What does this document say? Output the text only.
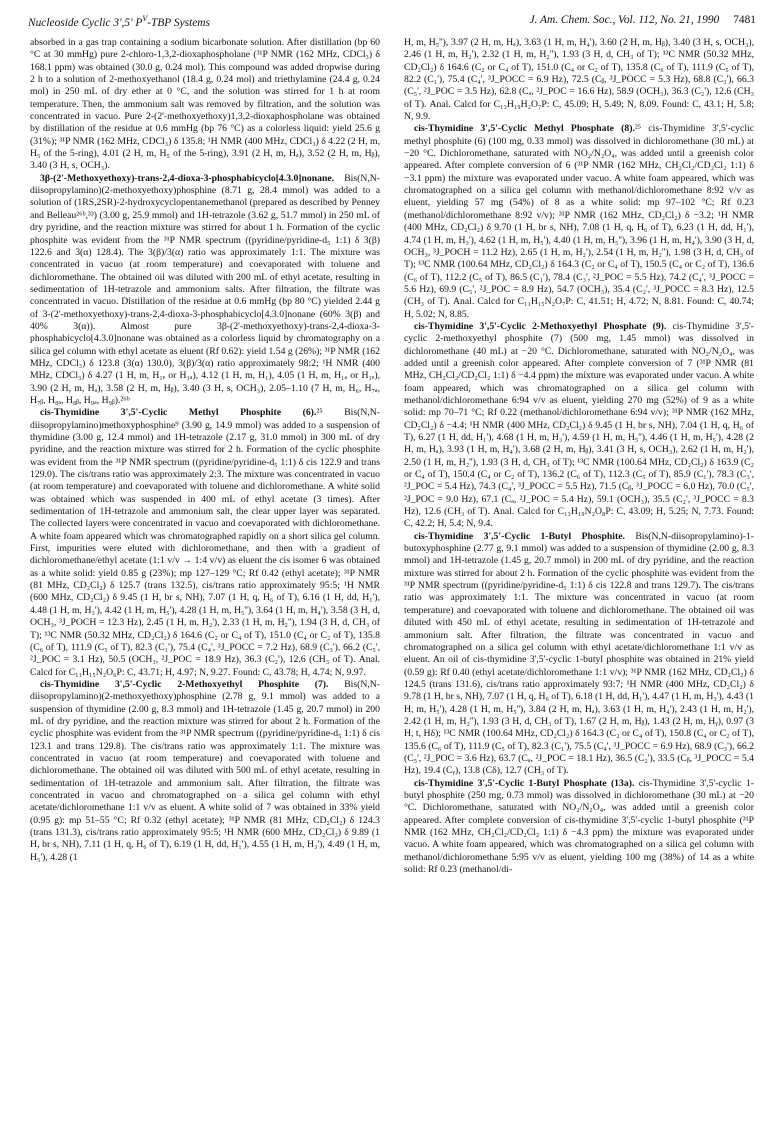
Nucleoside Cyclic 3',5' $P^V$-TBP Systems	J. Am. Chem. Soc., Vol. 112, No. 21, 1990 7481

absorbed in a gas trap containing a sodium bicarbonate solution. After distillation (bp 60 °C at 30 mmHg) pure 2-chloro-1,3,2-dioxaphospholane (³¹P NMR (162 MHz, CDCl₃) δ 168.1 ppm) was obtained (30.0 g, 0.24 mol). This compound was added dropwise during 2 h to a solution of 2-methoxyethanol (18.4 g, 0.24 mol) and triethylamine (24.4 g, 0.24 mol) in 250 mL of dry ether at 0 °C, and the solution was stirred for 1 h at room temperature. Then, the ammonium salt was removed by filtration, and the solution was concentrated in vacuo. Pure 2-(2'-methoxyethoxy)1,3,2-dioxaphospholane was obtained by distillation of the residue at 0.6 mmHg (bp 76 °C) as a colorless liquid: yield 25.6 g (31%); ³¹P NMR (162 MHz, CDCl₃) δ 135.8; ¹H NMR (400 MHz, CDCl₃) δ 4.22 (2 H, m, H₅ of the 5-ring), 4.01 (2 H, m, H₅ of the 5-ring), 3.91 (2 H, m, Hₐ), 3.52 (2 H, m, Hᵦ), 3.40 (3 H, s, OCH₃).

3β-(2'-Methoxyethoxy)-trans-2,4-dioxa-3-phosphabicyclo[4.3.0]nonane. Bis(N,N-diisopropylamino)(2-methoxyethoxy)phosphine (8.71 g, 28.4 mmol) was added to a solution of (1RS,2SR)-2-hydroxycyclopentanemethanol (prepared as described by Penney and Belleau²⁶ᵇ,³³) (3.00 g, 25.9 mmol) and 1H-tetrazole (3.62 g, 51.7 mmol) in 250 mL of dry pyridine, and the reaction mixture was stirred for about 1 h. Formation of the cyclic phosphite was evident from the ³¹P NMR spectrum ((pyridine/pyridine-d₅ 1:1) δ 3(β) 122.6 and 3(α) 128.4). The 3(β)/3(α) ratio was approximately 1:1. The mixture was concentrated in vacuo (at room temperature) and coevaporated with toluene and dichloromethane. The obtained oil was diluted with 200 mL of ethyl acetate, resulting in sedimentation of 1H-tetrazole and ammonium salts. After filtration, the filtrate was concentrated in vacuo. Distillation of the residue at 0.6 mmHg (bp 80 °C) yielded 2.44 g of 3-(2'-methoxyethoxy)-trans-2,4-dioxa-3-phosphabicyclo[4.3.0]nonane (60% 3(β) and 40% 3(α)). Almost pure 3β-(2'-methoxyethoxy)-trans-2,4-dioxa-3-phosphabicyclo[4.3.0]nonane was obtained as a colorless liquid by chromatography on a silica gel column with ethyl acetate as eluent (Rf 0.62): yield 1.54 g (26%); ³¹P NMR (162 MHz, CDCl₃) δ 123.8 (3(α) 130.0), 3(β)/3(α) ratio approximately 98:2; ¹H NMR (400 MHz, CDCl₃) δ 4.27 (1 H, m, H₁ₑ or H₁ₐ), 4.12 (1 H, m, H₁), 4.05 (1 H, m, H₁ₐ or H₁ₑ), 3.90 (2 H, m, Hₐ), 3.58 (2 H, m, Hᵦ), 3.40 (3 H, s, OCH₃), 2.05–1.10 (7 H, m, H₆, H₇ₐ, H₇ᵦ, H₈ₐ, H₈ᵦ, H₉ₐ, H₉ᵦ).²⁶ᵇ

cis-Thymidine 3',5'-Cyclic Methyl Phosphite (6).²⁵ Bis(N,N-diisopropylamino)methoxyphosphine⁹ (3.90 g, 14.9 mmol) was added to a suspension of thymidine (3.00 g, 12.4 mmol) and 1H-tetrazole (2.17 g, 31.0 mmol) in 300 mL of dry pyridine, and the reaction mixture was stirred for 2 h. Formation of the cyclic phosphite was evident from the ³¹P NMR spectrum ((pyridine/pyridine-d₅ 1:1) δ cis 122.9 and trans 129.0). The cis/trans ratio was approximately 2:3. The mixture was concentrated in vacuo (at room temperature) and coevaporated with toluene and dichloromethane. A white solid was obtained which was suspended in 400 mL of ethyl acetate (3 times). After sedimentation of 1H-tetrazole and ammonium salt, the clear upper layer was separated. The collected layers were concentrated in vacuo and coevaporated with dichloromethane. A white foam appeared which was chromatographed rapidly on a short silica gel column. First, impurities were eluted with dichloromethane, and then with a gradient of dichloromethane/ethyl acetate (1:1 v/v → 1:4 v/v) as eluent the cis isomer 6 was obtained as a white solid: yield 0.85 g (23%); mp 127–129 °C; Rf 0.42 (ethyl acetate); ³¹P NMR (81 MHz, CD₂Cl₂) δ 125.7 (trans 132.5), cis/trans ratio approximately 95:5; ¹H NMR (600 MHz, CD₂Cl₂) δ 9.45 (1 H, br s, NH), 7.07 (1 H, q, H₆ of T), 6.16 (1 H, dd, H₁'), 4.48 (1 H, m, H₃'), 4.42 (1 H, m, H₅'), 4.28 (1 H, m, H₅''), 3.64 (1 H, m, H₄'), 3.58 (3 H, d, OCH₃, ³J_POCH = 12.3 Hz), 2.45 (1 H, m, H₂'), 2.33 (1 H, m, H₂''), 1.94 (3 H, d, CH₃ of T); ¹³C NMR (50.32 MHz, CD₂Cl₂) δ 164.6 (C₂ or C₄ of T), 151.0 (C₄ or C₂ of T), 135.8 (C₆ of T), 111.9 (C₅ of T), 82.3 (C₁'), 75.4 (C₄', ³J_POCC = 7.2 Hz), 68.9 (C₃'), 66.2 (C₅', ²J_POC = 3.1 Hz), 50.5 (OCH₃, ²J_POC = 18.9 Hz), 36.3 (C₂'), 12.6 (CH₃ of T). Anal. Calcd for C₁₁H₁₅N₂O₆P: C, 43.71; H, 4.97; N, 9.27. Found: C, 43.78; H, 4.74; N, 9.97.

cis-Thymidine 3',5'-Cyclic 2-Methoxyethyl Phosphite (7). Bis(N,N-diisopropylamino)(2-methoxyethoxy)phosphine (2.78 g, 9.1 mmol) was added to a suspension of thymidine (2.00 g, 8.3 mmol) and 1H-tetrazole (1.45 g, 20.7 mmol) in 200 mL of dry pyridine, and the reaction mixture was stirred for about 2 h. Formation of the cyclic phosphite was evident from the ³¹P NMR spectrum ((pyridine/pyridine-d₅ 1:1) δ cis 123.1 and trans 129.8). The cis/trans ratio was approximately 1:1. The mixture was concentrated in vacuo (at room temperature) and coevaporated with toluene and dichloromethane. The obtained oil was diluted with 500 mL of ethyl acetate, resulting in sedimentation of 1H-tetrazole and ammonium salt. After filtration, the filtrate was concentrated in vacuo and chromatographed on a silica gel column with ethyl acetate/dichloromethane 1:1 v/v as eluent. A white solid of 7 was obtained in 33% yield (0.95 g): mp 51–55 °C; Rf 0.32 (ethyl acetate); ³¹P NMR (81 MHz, CD₂Cl₂) δ 124.3 (trans 131.3), cis/trans ratio approximately 95:5; ¹H NMR (600 MHz, CD₂Cl₂) δ 9.89 (1 H, br s, NH), 7.11 (1 H, q, H₆ of T), 6.19 (1 H, dd, H₁'), 4.55 (1 H, m, H₃'), 4.49 (1 H, m, H₅'), 4.28 (1

H, m, H₅''), 3.97 (2 H, m, Hₐ), 3.63 (1 H, m, H₄'), 3.60 (2 H, m, Hᵦ), 3.40 (3 H, s, OCH₃), 2.46 (1 H, m, H₂'), 2.32 (1 H, m, H₂''), 1.93 (3 H, d, CH₃ of T); ¹³C NMR (50.32 MHz, CD₂Cl₂) δ 164.6 (C₂ or C₄ of T), 151.0 (C₄ or C₂ of T), 135.8 (C₆ of T), 111.9 (C₅ of T), 82.2 (C₁'), 75.4 (C₄', ³J_POCC = 6.9 Hz), 72.5 (Cᵦ, ³J_POCC = 5.3 Hz), 68.8 (C₃'), 66.3 (C₅', ²J_POC = 3.5 Hz), 62.8 (Cₐ, ²J_POC = 16.6 Hz), 58.9 (OCH₃), 36.3 (C₂'), 12.6 (CH₃ of T). Anal. Calcd for C₁₃H₁₉H₂O₇P: C, 45.09; H, 5.49; N, 8.09. Found: C, 43.1; H, 5.8; N, 9.9.

cis-Thymidine 3',5'-Cyclic Methyl Phosphate (8).²⁵ cis-Thymidine 3',5'-cyclic methyl phosphite (6) (100 mg, 0.33 mmol) was dissolved in dichloromethane (30 mL) at −20 °C. Dichloromethane, saturated with NO₂/N₂O₄, was added until a greenish color appeared. After complete conversion of 6 (³¹P NMR (162 MHz, CH₂Cl₂/CD₂Cl₂ 1:1) δ −3.1 ppm) the mixture was evaporated under vacuo. A white foam appeared, which was chromatographed on a silica gel column with methanol/dichloromethane 8:92 v/v as eluent, yielding 57 mg (54%) of 8 as a white solid: mp 97–102 °C; Rf 0.23 (methanol/dichloromethane 8:92 v/v); ³¹P NMR (162 MHz, CD₂Cl₂) δ −3.2; ¹H NMR (400 MHz, CD₂Cl₂) δ 9.70 (1 H, br s, NH), 7.08 (1 H, q, H₆ of T), 6.23 (1 H, dd, H₁'), 4.74 (1 H, m, H₃'), 4.62 (1 H, m, H₅'), 4.40 (1 H, m, H₅''), 3.96 (1 H, m, H₄'), 3.90 (3 H, d, OCH₃, ³J_POCH = 11.2 Hz), 2.65 (1 H, m, H₂'), 2.54 (1 H, m, H₂''), 1.98 (3 H, d, CH₃ of T); ¹³C NMR (100.64 MHz, CD₂Cl₂) δ 164.3 (C₂ or C₄ of T), 150.5 (C₄ or C₂ of T), 136.6 (C₆ of T), 112.2 (C₅ of T), 86.5 (C₁'), 78.4 (C₃', ²J_POC = 5.5 Hz), 74.2 (C₄', ³J_POCC = 5.6 Hz), 69.9 (C₅', ²J_POC = 8.9 Hz), 54.7 (OCH₃), 35.4 (C₂', ³J_POCC = 8.3 Hz), 12.5 (CH₃ of T). Anal. Calcd for C₁₁H₁₅N₂O₇P: C, 41.51; H, 4.72; N, 8.81. Found: C, 40.74; H, 5.02; N, 8.85.

cis-Thymidine 3',5'-Cyclic 2-Methoxyethyl Phosphate (9). cis-Thymidine 3',5'-cyclic 2-methoxyethyl phosphite (7) (500 mg, 1.45 mmol) was dissolved in dichloromethane (40 mL) at −20 °C. Dichloromethane, saturated with NO₂/N₂O₄, was added until a greenish color appeared. After complete conversion of 7 (³¹P NMR (81 MHz, CH₂Cl₂/CD₂Cl₂ 1:1) δ −4.4 ppm) the mixture was evaporated under vacuo. A white foam appeared, which was chromatographed on a silica gel column with methanol/dichloromethane 6:94 v/v as eluent, yielding 270 mg (52%) of 9 as a white solid: mp 70–71 °C; Rf 0.22 (methanol/dichloromethane 6:94 v/v); ³¹P NMR (162 MHz, CD₂Cl₂) δ −4.4; ¹H NMR (400 MHz, CD₂Cl₂) δ 9.45 (1 H, br s, NH), 7.04 (1 H, q, H₆ of T), 6.27 (1 H, dd, H₁'), 4.68 (1 H, m, H₃'), 4.59 (1 H, m, H₅''), 4.46 (1 H, m, H₅'), 4.28 (2 H, m, Hₐ), 3.93 (1 H, m, H₄'), 3.68 (2 H, m, Hᵦ), 3.41 (3 H, s, OCH₃), 2.62 (1 H, m, H₂'), 2.50 (1 H, m, H₂''), 1.93 (3 H, d, CH₃ of T); ¹³C NMR (100.64 MHz, CD₂Cl₂) δ 163.9 (C₂ or C₄ of T), 150.4 (C₄ or C₂ of T), 136.2 (C₆ of T), 112.3 (C₅ of T), 85.9 (C₁'), 78.3 (C₃', ²J_POC = 5.4 Hz), 74.3 (C₄', ³J_POCC = 5.5 Hz), 71.5 (Cᵦ, ³J_POCC = 6.0 Hz), 70.0 (C₅', ²J_POC = 9.0 Hz), 67.1 (Cₐ, ²J_POC = 5.4 Hz), 59.1 (OCH₃), 35.5 (C₂', ³J_POCC = 8.3 Hz), 12.6 (CH₃ of T). Anal. Calcd for C₁₃H₁₉N₂O₈P: C, 43.09; H, 5.25; N, 7.73. Found: C, 42.2; H, 5.4; N, 9.4.

cis-Thymidine 3',5'-Cyclic 1-Butyl Phosphite. Bis(N,N-diisopropylamino)-1-butoxyphosphine (2.77 g, 9.1 mmol) was added to a suspension of thymidine (2.00 g, 8.3 mmol) and 1H-tetrazole (1.45 g, 20.7 mmol) in 200 mL of dry pyridine, and the reaction mixture was stirred for about 2 h. Formation of the cyclic phosphite was evident from the ³¹P NMR spectrum ((pyridine/pyridine-d₅ 1:1) δ cis 122.8 and trans 129.7). The cis/trans ratio was approximately 1:1. The mixture was concentrated in vacuo (at room temperature) and coevaporated with toluene and dichloromethane. The obtained oil was diluted with 450 mL of ethyl acetate, resulting in sedimentation of 1H-tetrazole and ammonium salt. After filtration, the filtrate was concentrated in vacuo and chromatographed on a silica gel column with ethyl acetate/dichloromethane 1:1 v/v as eluent. An oil of cis-thymidine 3',5'-cyclic 1-butyl phosphite was obtained in 21% yield (0.59 g): Rf 0.40 (ethyl acetate/dichloromethane 1:1 v/v); ³¹P NMR (162 MHz, CD₂Cl₂) δ 124.5 (trans 131.6), cis/trans ratio approximately 93:7; ¹H NMR (400 MHz, CD₂Cl₂) δ 9.78 (1 H, br s, NH), 7.07 (1 H, q, H₆ of T), 6.18 (1 H, dd, H₁'), 4.47 (1 H, m, H₃'), 4.43 (1 H, m, H₅'), 4.28 (1 H, m, H₅''), 3.84 (2 H, m, Hₐ), 3.63 (1 H, m, H₄'), 2.43 (1 H, m, H₂'), 2.42 (1 H, m, H₂''), 1.93 (3 H, d, CH₃ of T), 1.67 (2 H, m, Hᵦ), 1.43 (2 H, m, Hᵧ), 0.97 (3 H, t, Hδ); ¹³C NMR (100.64 MHz, CD₂Cl₂) δ 164.3 (C₂ or C₄ of T), 150.8 (C₄ or C₂ of T), 135.6 (C₆ of T), 111.9 (C₅ of T), 82.3 (C₁'), 75.5 (C₄', ³J_POCC = 6.9 Hz), 68.9 (C₃'), 66.2 (C₅', ²J_POC = 3.6 Hz), 63.7 (Cₐ, ²J_POC = 18.1 Hz), 36.5 (C₂'), 33.5 (Cᵦ, ³J_POCC = 5.4 Hz), 19.4 (Cᵧ), 13.8 (Cδ), 12.7 (CH₃ of T).

cis-Thymidine 3',5'-Cyclic 1-Butyl Phosphate (13a). cis-Thymidine 3',5'-cyclic 1-butyl phosphite (250 mg, 0.73 mmol) was dissolved in dichloromethane (30 mL) at −20 °C. Dichloromethane, saturated with NO₂/N₂O₄, was added until a greenish color appeared. After complete conversion of cis-thymidine 3',5'-cyclic 1-butyl phosphite (³¹P NMR (162 MHz, CH₂Cl₂/CD₂Cl₂ 1:1) δ −4.3 ppm) the mixture was evaporated under vacuo. A white foam appeared, which was chromatographed on a silica gel column with methanol/dichloromethane 5:95 v/v as eluent, yielding 100 mg (38%) of 14 as a white solid: Rf 0.23 (methanol/di-
